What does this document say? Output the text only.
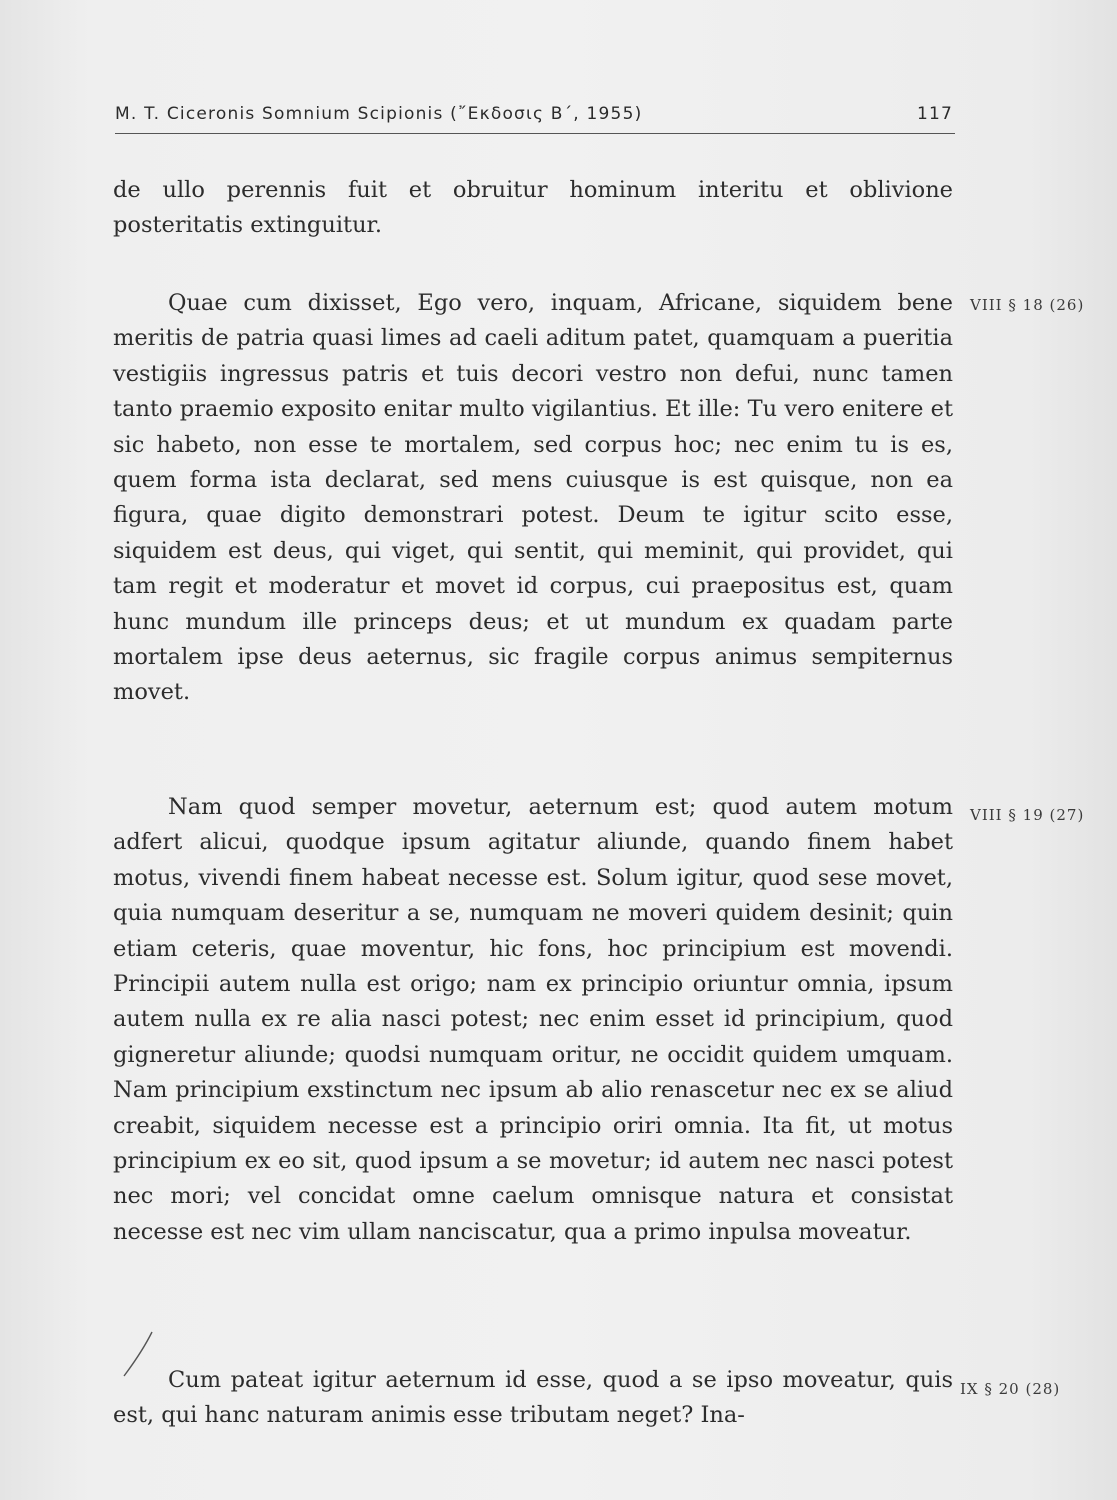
M. T. Ciceronis Somnium Scipionis (῎Εκδοσις Β΄, 1955)	117

de ullo perennis fuit et obruitur hominum interitu et oblivione posteritatis extinguitur.

Quae cum dixisset, Ego vero, inquam, Africane, siquidem bene meritis de patria quasi limes ad caeli aditum patet, quamquam a pueritia vestigiis ingressus patris et tuis decori vestro non defui, nunc tamen tanto praemio exposito enitar multo vigilantius. Et ille: Tu vero enitere et sic habeto, non esse te mortalem, sed corpus hoc; nec enim tu is es, quem forma ista declarat, sed mens cuiusque is est quisque, non ea figura, quae digito demonstrari potest. Deum te igitur scito esse, siquidem est deus, qui viget, qui sentit, qui meminit, qui providet, qui tam regit et moderatur et movet id corpus, cui praepositus est, quam hunc mundum ille princeps deus; et ut mundum ex quadam parte mortalem ipse deus aeternus, sic fragile corpus animus sempiternus movet.

VIII § 18 (26)

Nam quod semper movetur, aeternum est; quod autem motum adfert alicui, quodque ipsum agitatur aliunde, quando finem habet motus, vivendi finem habeat necesse est. Solum igitur, quod sese movet, quia numquam deseritur a se, numquam ne moveri quidem desinit; quin etiam ceteris, quae moventur, hic fons, hoc principium est movendi. Principii autem nulla est origo; nam ex principio oriuntur omnia, ipsum autem nulla ex re alia nasci potest; nec enim esset id principium, quod gigneretur aliunde; quodsi numquam oritur, ne occidit quidem umquam. Nam principium exstinctum nec ipsum ab alio renascetur nec ex se aliud creabit, siquidem necesse est a principio oriri omnia. Ita fit, ut motus principium ex eo sit, quod ipsum a se movetur; id autem nec nasci potest nec mori; vel concidat omne caelum omnisque natura et consistat necesse est nec vim ullam nanciscatur, qua a primo inpulsa moveatur.

VIII § 19 (27)

Cum pateat igitur aeternum id esse, quod a se ipso moveatur, quis est, qui hanc naturam animis esse tributam neget? Ina-

IX § 20 (28)
